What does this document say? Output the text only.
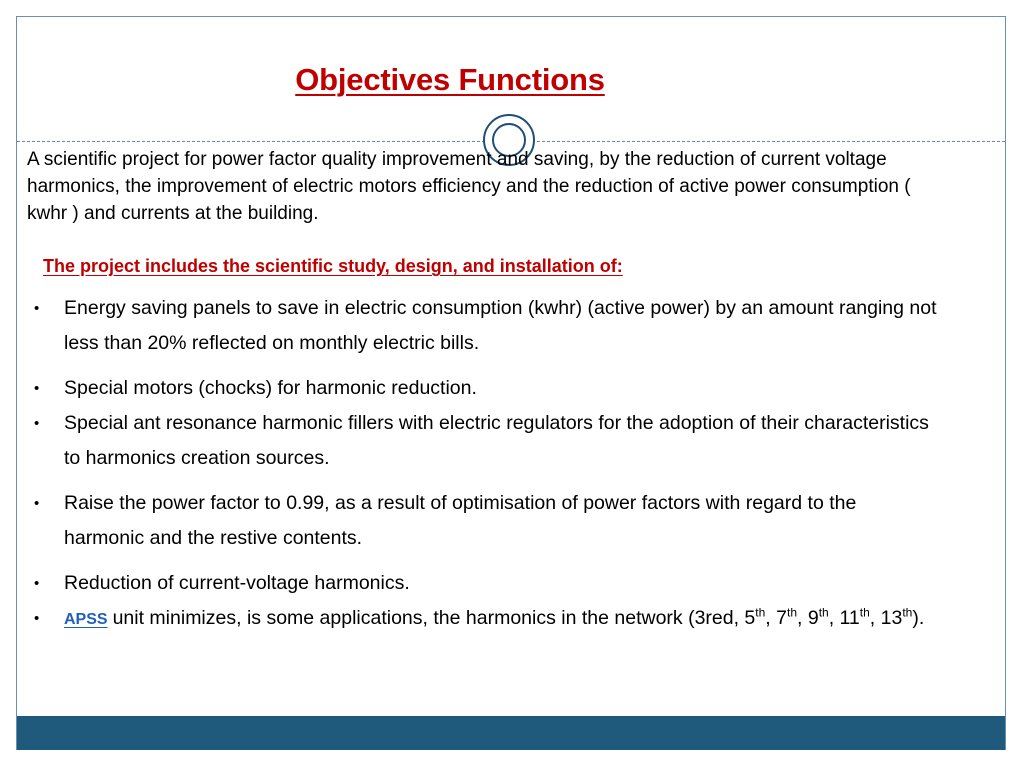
Objectives Functions
A scientific project for power factor quality improvement and saving, by the reduction of current voltage harmonics, the improvement of electric motors efficiency and the reduction of active power consumption ( kwhr ) and currents at the building.
The project includes the scientific study, design, and installation of:
• Energy saving panels to save in electric consumption (kwhr) (active power) by an amount ranging not less than 20% reflected on monthly electric bills.
• Special motors (chocks) for harmonic reduction.
• Special ant resonance harmonic fillers with electric regulators for the adoption of their characteristics to harmonics creation sources.
• Raise the power factor to 0.99, as a result of optimisation of power factors with regard to the harmonic and the restive contents.
• Reduction of current-voltage harmonics.
• APSS unit minimizes, is some applications, the harmonics in the network (3red, 5th, 7th, 9th, 11th, 13th).
